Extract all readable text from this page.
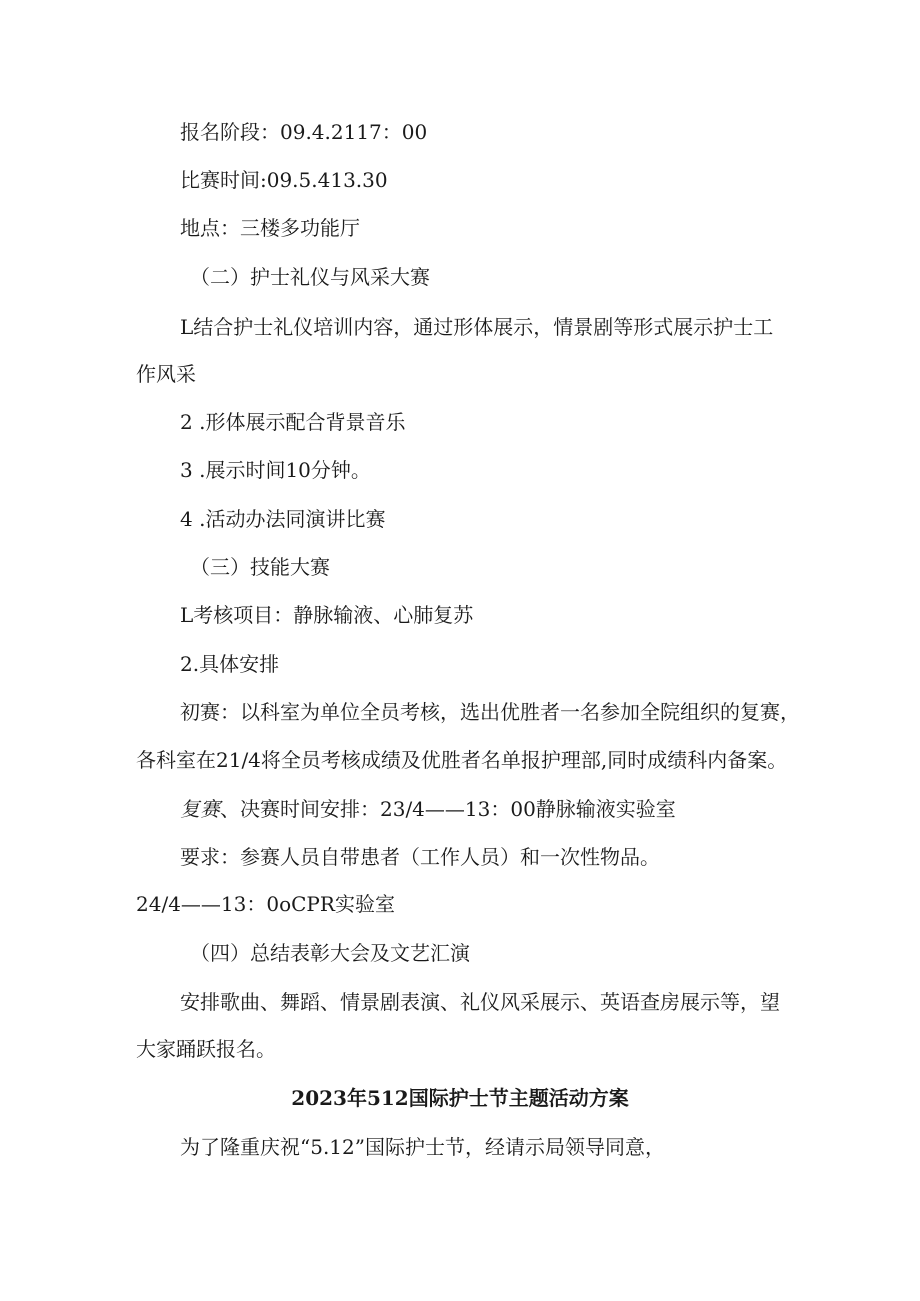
报名阶段：09.4.2117：00
比赛时间:09.5.413.30
地点：三楼多功能厅
（二）护士礼仪与风采大赛
L结合护士礼仪培训内容，通过形体展示，情景剧等形式展示护士工
作风采
2 .形体展示配合背景音乐
3 .展示时间10分钟。
4 .活动办法同演讲比赛
（三）技能大赛
L考核项目：静脉输液、心肺复苏
2.具体安排
初赛：以科室为单位全员考核，选出优胜者一名参加全院组织的复赛，
各科室在21/4将全员考核成绩及优胜者名单报护理部,同时成绩科内备案。
复赛、决赛时间安排：23/4——13：00静脉输液实验室
要求：参赛人员自带患者（工作人员）和一次性物品。
24/4——13：0oCPR实验室
（四）总结表彰大会及文艺汇演
安排歌曲、舞蹈、情景剧表演、礼仪风采展示、英语查房展示等，望
大家踊跃报名。
2023年512国际护士节主题活动方案
为了隆重庆祝“5.12”国际护士节，经请示局领导同意，
